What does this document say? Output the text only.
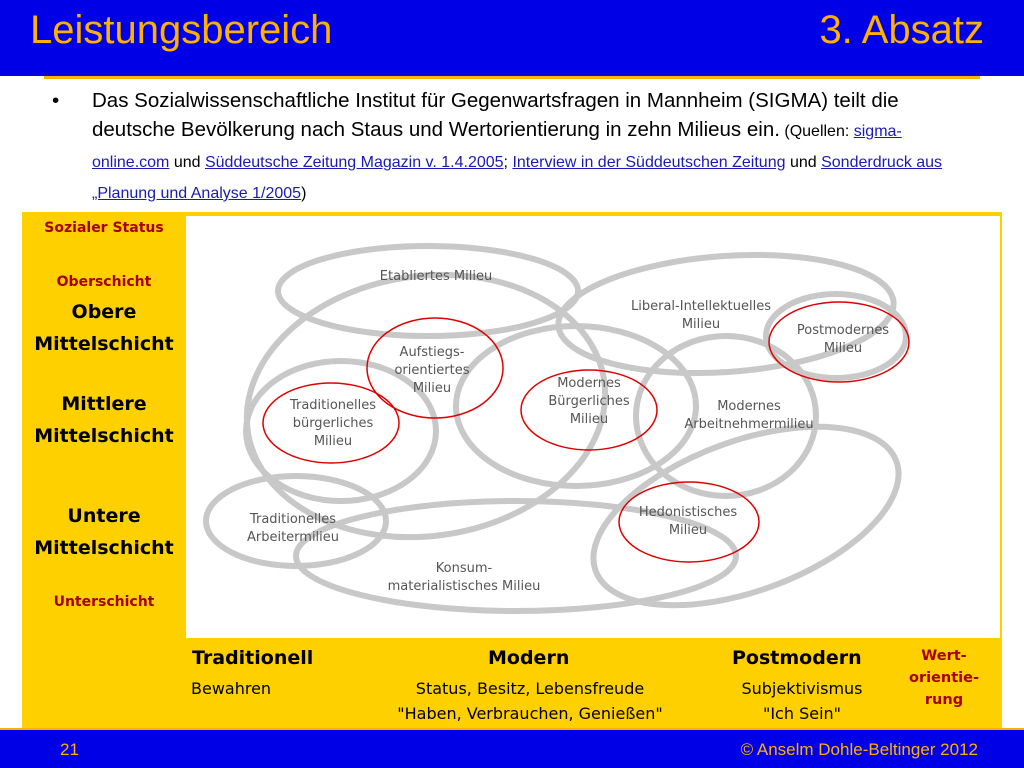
Leistungsbereich	3. Absatz
• Das Sozialwissenschaftliche Institut für Gegenwartsfragen in Mannheim (SIGMA) teilt die deutsche Bevölkerung nach Staus und Wertorientierung in zehn Milieus ein. (Quellen: sigma-online.com und Süddeutsche Zeitung Magazin v. 1.4.2005; Interview in der Süddeutschen Zeitung und Sonderdruck aus „Planung und Analyse 1/2005)
Etabliertes Milieu
Liberal-Intellektuelles
Milieu	Postmodernes
Milieu
Aufstiegs-
orientiertes
Milieu	Modernes
Bürgerliches
Milieu
Traditionelles
bürgerliches
Milieu
Modernes
Arbeitnehmermilieu
Hedonistisches
Milieu
Traditionelles
Arbeitermilieu
Konsum-
materialistisches Milieu
Sozialer Status
Oberschicht
Obere
Mittelschicht
Mittlere
Mittelschicht
Untere
Mittelschicht
Unterschicht
Traditionell
Bewahren
Modern
Status, Besitz, Lebensfreude
"Haben, Verbrauchen, Genießen"
Postmodern
Subjektivismus
"Ich Sein"
Wert-
orientie-
rung
21	© Anselm Dohle-Beltinger 2012
